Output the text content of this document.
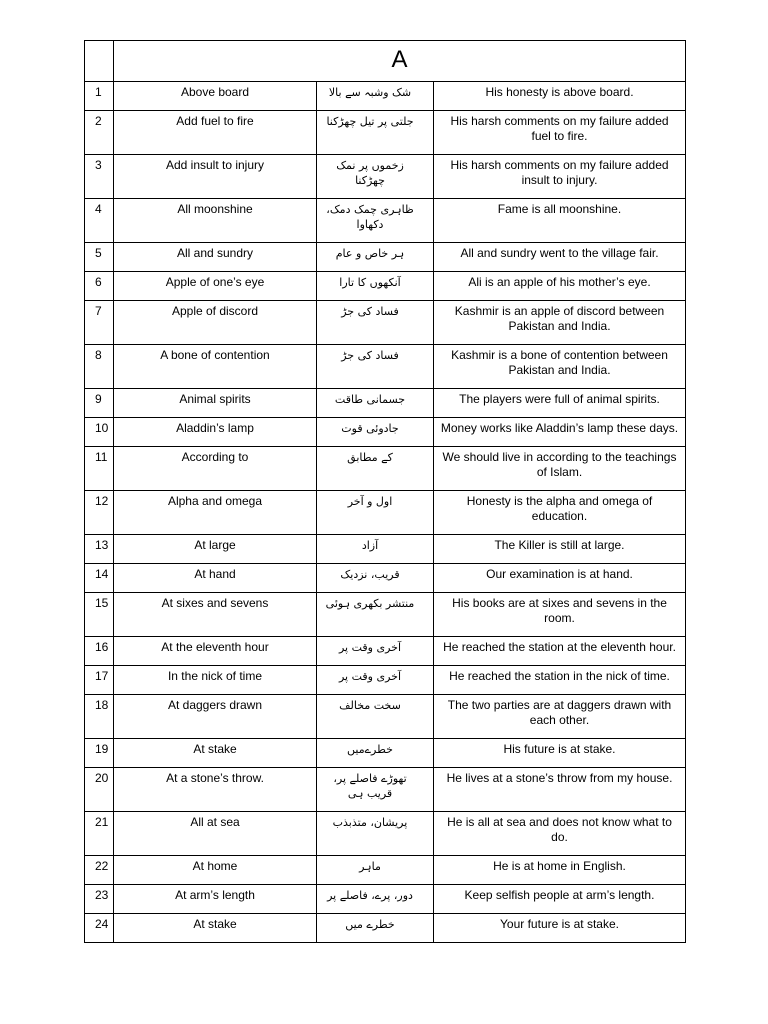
	A		

1	Above board	شک وشبہ سے بالا	His honesty is above board.
2	Add fuel to fire	جلتی پر تیل چھڑکنا	His harsh comments on my failure added fuel to fire.
3	Add insult to injury	زخموں پر نمک چھڑکنا	His harsh comments on my failure added insult to injury.
4	All moonshine	ظاہری چمک دمک، دکھاوا	Fame is all moonshine.
5	All and sundry	ہر خاص و عام	All and sundry went to the village fair.
6	Apple of one’s eye	آنکھوں کا تارا	Ali is an apple of his mother’s eye.
7	Apple of discord	فساد کی جڑ	Kashmir is an apple of discord between Pakistan and India.
8	A bone of contention	فساد کی جڑ	Kashmir is a bone of contention between Pakistan and India.
9	Animal spirits	جسمانی طاقت	The players were full of animal spirits.
10	Aladdin’s lamp	جادوئی قوت	Money works like Aladdin’s lamp these days.
11	According to	کے مطابق	We should live in according to the teachings of Islam.
12	Alpha and omega	اول و آخر	Honesty is the alpha and omega of education.
13	At large	آزاد	The Killer is still at large.
14	At hand	قریب، نزدیک	Our examination is at hand.
15	At sixes and sevens	منتشر بکھری ہوئی	His books are at sixes and sevens in the room.
16	At the eleventh hour	آخری وقت پر	He reached the station at the eleventh hour.
17	In the nick of time	آخری وقت پر	He reached the station in the nick of time.
18	At daggers drawn	سخت مخالف	The two parties are at daggers drawn with each other.
19	At stake	خطرےمیں	His future is at stake.
20	At a stone’s throw.	تھوڑے فاصلے پر، قریب ہی	He lives at a stone’s throw from my house.
21	All at sea	پریشان، متذبذب	He is all at sea and does not know what to do.
22	At home	ماہر	He is at home in English.
23	At arm’s length	دور، پرے، فاصلے پر	Keep selfish people at arm’s length.
24	At stake	خطرے میں	Your future is at stake.
